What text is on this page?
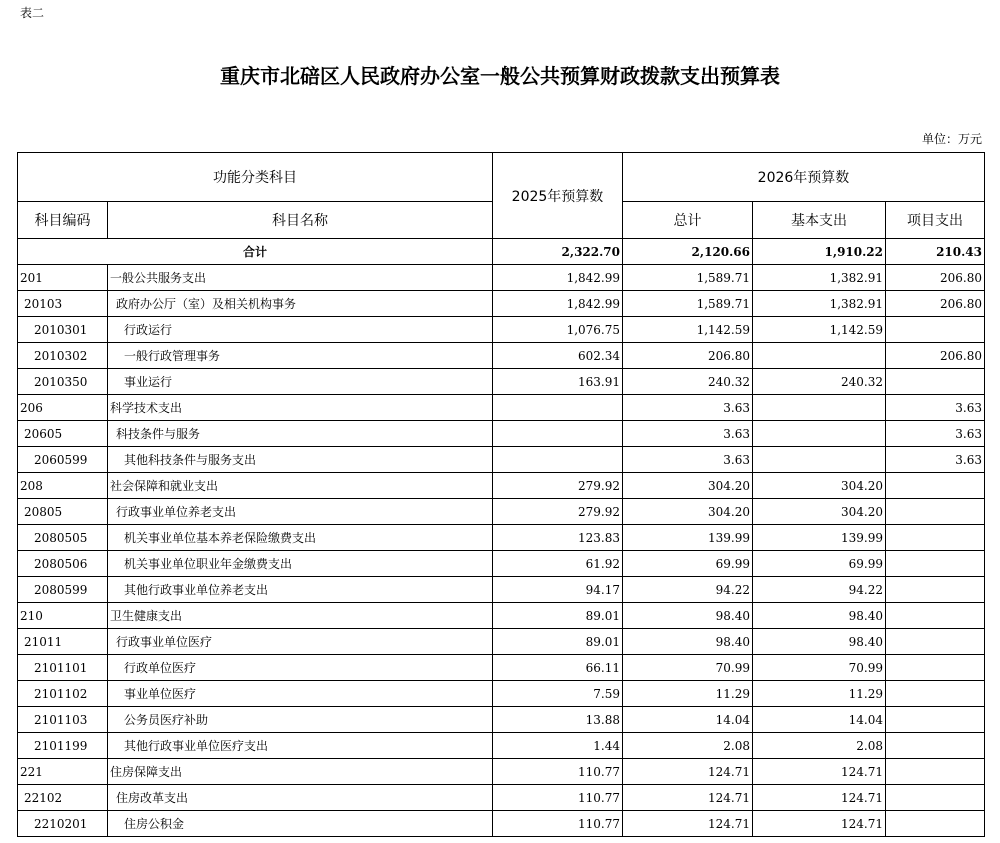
表二
重庆市北碚区人民政府办公室一般公共预算财政拨款支出预算表
单位：万元
功能分类科目		2025年预算数	2026年预算数		
科目编码	科目名称		总计	基本支出	项目支出
合计		2,322.70	2,120.66	1,910.22	210.43
201	一般公共服务支出	1,842.99	1,589.71	1,382.91	206.80
20103	政府办公厅（室）及相关机构事务	1,842.99	1,589.71	1,382.91	206.80
2010301	行政运行	1,076.75	1,142.59	1,142.59	
2010302	一般行政管理事务	602.34	206.80		206.80
2010350	事业运行	163.91	240.32	240.32	
206	科学技术支出		3.63		3.63
20605	科技条件与服务		3.63		3.63
2060599	其他科技条件与服务支出		3.63		3.63
208	社会保障和就业支出	279.92	304.20	304.20	
20805	行政事业单位养老支出	279.92	304.20	304.20	
2080505	机关事业单位基本养老保险缴费支出	123.83	139.99	139.99	
2080506	机关事业单位职业年金缴费支出	61.92	69.99	69.99	
2080599	其他行政事业单位养老支出	94.17	94.22	94.22	
210	卫生健康支出	89.01	98.40	98.40	
21011	行政事业单位医疗	89.01	98.40	98.40	
2101101	行政单位医疗	66.11	70.99	70.99	
2101102	事业单位医疗	7.59	11.29	11.29	
2101103	公务员医疗补助	13.88	14.04	14.04	
2101199	其他行政事业单位医疗支出	1.44	2.08	2.08	
221	住房保障支出	110.77	124.71	124.71	
22102	住房改革支出	110.77	124.71	124.71	
2210201	住房公积金	110.77	124.71	124.71	
